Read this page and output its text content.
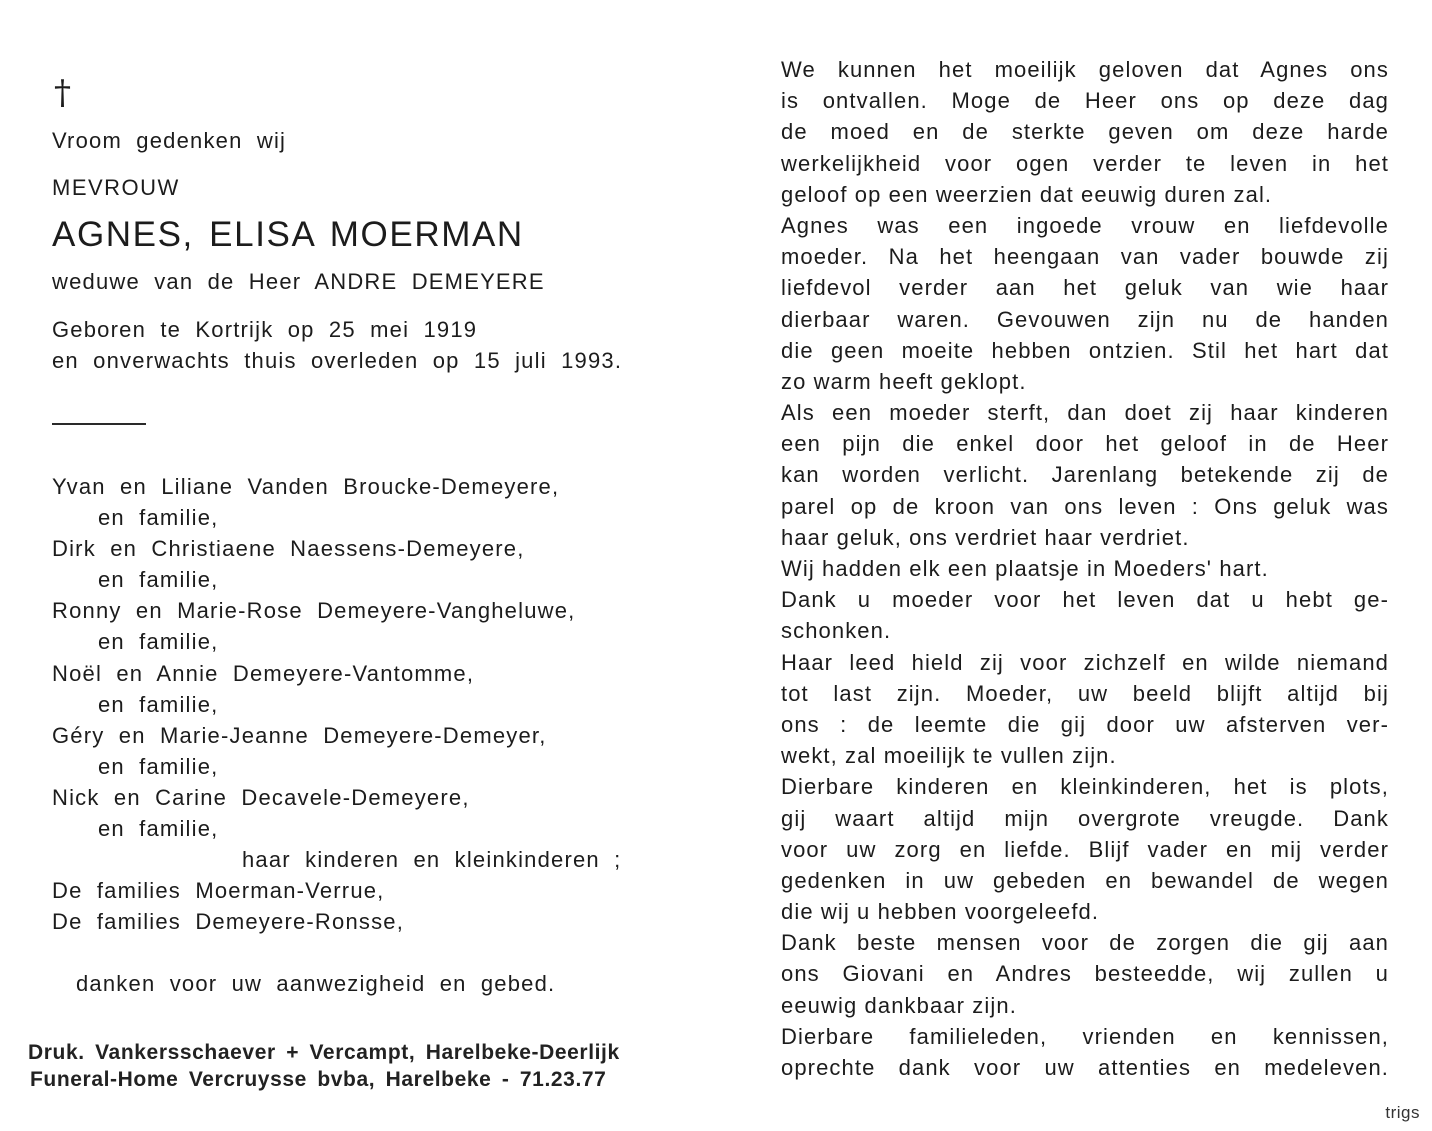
†
Vroom gedenken wij
MEVROUW
AGNES, ELISA MOERMAN
weduwe van de Heer ANDRE DEMEYERE
Geboren te Kortrijk op 25 mei 1919
en onverwachts thuis overleden op 15 juli 1993.
Yvan en Liliane Vanden Broucke-Demeyere,
en familie,
Dirk en Christiaene Naessens-Demeyere,
en familie,
Ronny en Marie-Rose Demeyere-Vangheluwe,
en familie,
Noël en Annie Demeyere-Vantomme,
en familie,
Géry en Marie-Jeanne Demeyere-Demeyer,
en familie,
Nick en Carine Decavele-Demeyere,
en familie,
haar kinderen en kleinkinderen ;
De families Moerman-Verrue,
De families Demeyere-Ronsse,
danken voor uw aanwezigheid en gebed.
Druk. Vankersschaever + Vercampt, Harelbeke-Deerlijk
Funeral-Home Vercruysse bvba, Harelbeke - 71.23.77
We kunnen het moeilijk geloven dat Agnes ons
is ontvallen. Moge de Heer ons op deze dag
de moed en de sterkte geven om deze harde
werkelijkheid voor ogen verder te leven in het
geloof op een weerzien dat eeuwig duren zal.
Agnes was een ingoede vrouw en liefdevolle
moeder. Na het heengaan van vader bouwde zij
liefdevol verder aan het geluk van wie haar
dierbaar waren. Gevouwen zijn nu de handen
die geen moeite hebben ontzien. Stil het hart dat
zo warm heeft geklopt.
Als een moeder sterft, dan doet zij haar kinderen
een pijn die enkel door het geloof in de Heer
kan worden verlicht. Jarenlang betekende zij de
parel op de kroon van ons leven : Ons geluk was
haar geluk, ons verdriet haar verdriet.
Wij hadden elk een plaatsje in Moeders' hart.
Dank u moeder voor het leven dat u hebt ge-
schonken.
Haar leed hield zij voor zichzelf en wilde niemand
tot last zijn. Moeder, uw beeld blijft altijd bij
ons : de leemte die gij door uw afsterven ver-
wekt, zal moeilijk te vullen zijn.
Dierbare kinderen en kleinkinderen, het is plots,
gij waart altijd mijn overgrote vreugde. Dank
voor uw zorg en liefde. Blijf vader en mij verder
gedenken in uw gebeden en bewandel de wegen
die wij u hebben voorgeleefd.
Dank beste mensen voor de zorgen die gij aan
ons Giovani en Andres besteedde, wij zullen u
eeuwig dankbaar zijn.
Dierbare familieleden, vrienden en kennissen,
oprechte dank voor uw attenties en medeleven.
trigs
